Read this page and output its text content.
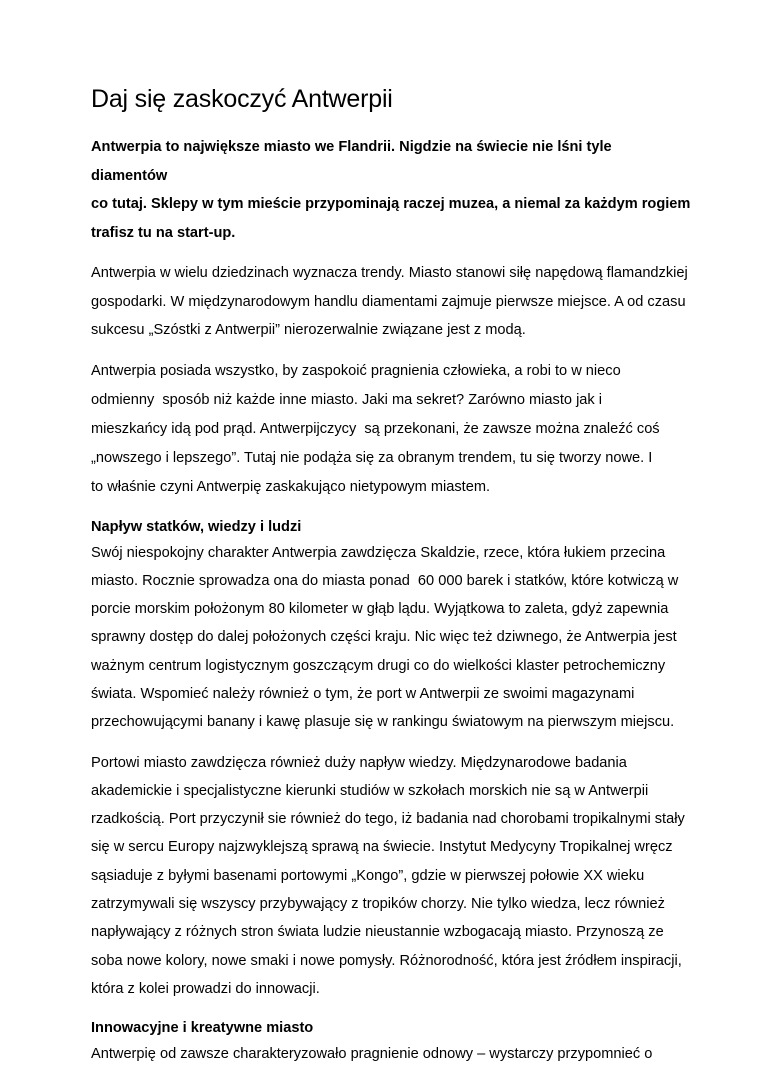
Daj się zaskoczyć Antwerpii

Antwerpia to największe miasto we Flandrii. Nigdzie na świecie nie lśni tyle diamentów
co tutaj. Sklepy w tym mieście przypominają raczej muzea, a niemal za każdym rogiem
trafisz tu na start-up.

Antwerpia w wielu dziedzinach wyznacza trendy. Miasto stanowi siłę napędową flamandzkiej
gospodarki. W międzynarodowym handlu diamentami zajmuje pierwsze miejsce. A od czasu
sukcesu „Szóstki z Antwerpii” nierozerwalnie związane jest z modą.

Antwerpia posiada wszystko, by zaspokoić pragnienia człowieka, a robi to w nieco
odmienny  sposób niż każde inne miasto. Jaki ma sekret? Zarówno miasto jak i
mieszkańcy idą pod prąd. Antwerpijczycy  są przekonani, że zawsze można znaleźć coś
„nowszego i lepszego”. Tutaj nie podąża się za obranym trendem, tu się tworzy nowe. I
to właśnie czyni Antwerpię zaskakująco nietypowym miastem.

Napływ statków, wiedzy i ludzi

Swój niespokojny charakter Antwerpia zawdzięcza Skaldzie, rzece, która łukiem przecina
miasto. Rocznie sprowadza ona do miasta ponad  60 000 barek i statków, które kotwiczą w
porcie morskim położonym 80 kilometer w głąb lądu. Wyjątkowa to zaleta, gdyż zapewnia
sprawny dostęp do dalej położonych części kraju. Nic więc też dziwnego, że Antwerpia jest
ważnym centrum logistycznym goszczącym drugi co do wielkości klaster petrochemiczny
świata. Wspomieć należy również o tym, że port w Antwerpii ze swoimi magazynami
przechowującymi banany i kawę plasuje się w rankingu światowym na pierwszym miejscu.

Portowi miasto zawdzięcza również duży napływ wiedzy. Międzynarodowe badania
akademickie i specjalistyczne kierunki studiów w szkołach morskich nie są w Antwerpii
rzadkością. Port przyczynił sie również do tego, iż badania nad chorobami tropikalnymi stały
się w sercu Europy najzwyklejszą sprawą na świecie. Instytut Medycyny Tropikalnej wręcz
sąsiaduje z byłymi basenami portowymi „Kongo”, gdzie w pierwszej połowie XX wieku
zatrzymywali się wszyscy przybywający z tropików chorzy. Nie tylko wiedza, lecz również
napływający z różnych stron świata ludzie nieustannie wzbogacają miasto. Przynoszą ze
soba nowe kolory, nowe smaki i nowe pomysły. Różnorodność, która jest źródłem inspiracji,
która z kolei prowadzi do innowacji.

Innowacyjne i kreatywne miasto

Antwerpię od zawsze charakteryzowało pragnienie odnowy – wystarczy przypomnieć o
